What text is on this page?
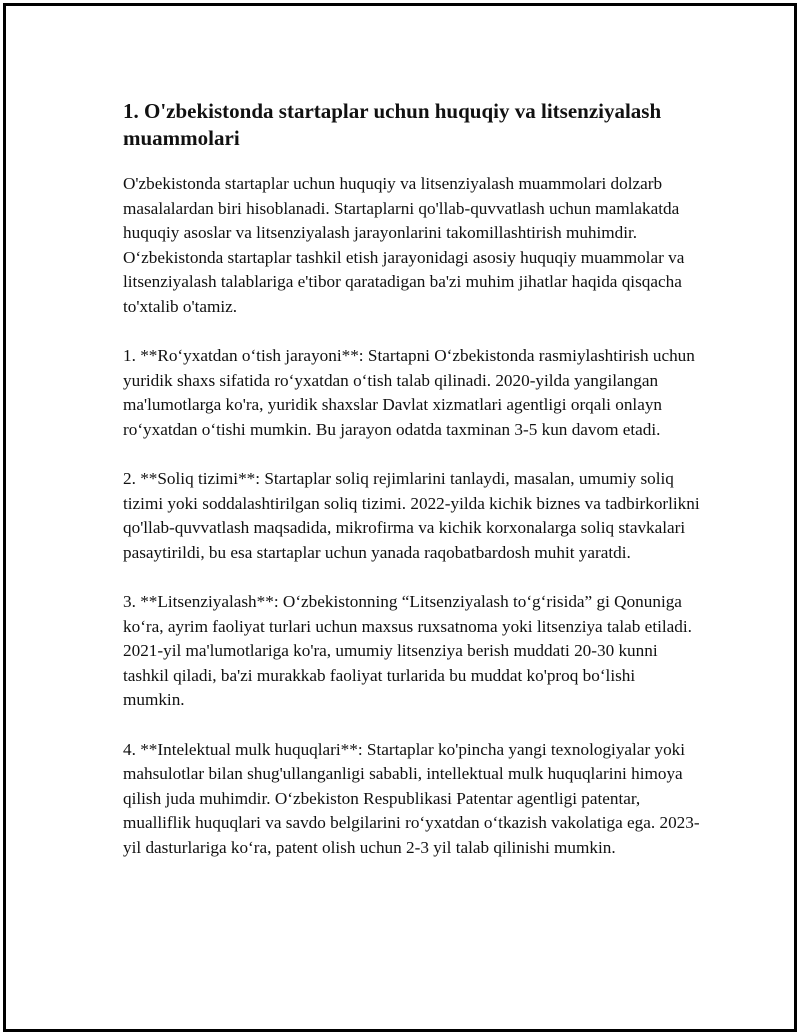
1. O'zbekistonda startaplar uchun huquqiy va litsenziyalash muammolari

O'zbekistonda startaplar uchun huquqiy va litsenziyalash muammolari dolzarb masalalardan biri hisoblanadi. Startaplarni qo'llab-quvvatlash uchun mamlakatda huquqiy asoslar va litsenziyalash jarayonlarini takomillashtirish muhimdir. O‘zbekistonda startaplar tashkil etish jarayonidagi asosiy huquqiy muammolar va litsenziyalash talablariga e'tibor qaratadigan ba'zi muhim jihatlar haqida qisqacha to'xtalib o'tamiz.

1. **Ro‘yxatdan o‘tish jarayoni**: Startapni O‘zbekistonda rasmiylashtirish uchun yuridik shaxs sifatida ro‘yxatdan o‘tish talab qilinadi. 2020-yilda yangilangan ma'lumotlarga ko'ra, yuridik shaxslar Davlat xizmatlari agentligi orqali onlayn ro‘yxatdan o‘tishi mumkin. Bu jarayon odatda taxminan 3-5 kun davom etadi.

2. **Soliq tizimi**: Startaplar soliq rejimlarini tanlaydi, masalan, umumiy soliq tizimi yoki soddalashtirilgan soliq tizimi. 2022-yilda kichik biznes va tadbirkorlikni qo'llab-quvvatlash maqsadida, mikrofirma va kichik korxonalarga soliq stavkalari pasaytirildi, bu esa startaplar uchun yanada raqobatbardosh muhit yaratdi.

3. **Litsenziyalash**: O‘zbekistonning “Litsenziyalash to‘g‘risida” gi Qonuniga ko‘ra, ayrim faoliyat turlari uchun maxsus ruxsatnoma yoki litsenziya talab etiladi. 2021-yil ma'lumotlariga ko'ra, umumiy litsenziya berish muddati 20-30 kunni tashkil qiladi, ba'zi murakkab faoliyat turlarida bu muddat ko'proq bo‘lishi mumkin.

4. **Intelektual mulk huquqlari**: Startaplar ko'pincha yangi texnologiyalar yoki mahsulotlar bilan shug'ullanganligi sababli, intellektual mulk huquqlarini himoya qilish juda muhimdir. O‘zbekiston Respublikasi Patentar agentligi patentar, mualliflik huquqlari va savdo belgilarini ro‘yxatdan o‘tkazish vakolatiga ega. 2023-yil dasturlariga ko‘ra, patent olish uchun 2-3 yil talab qilinishi mumkin.
